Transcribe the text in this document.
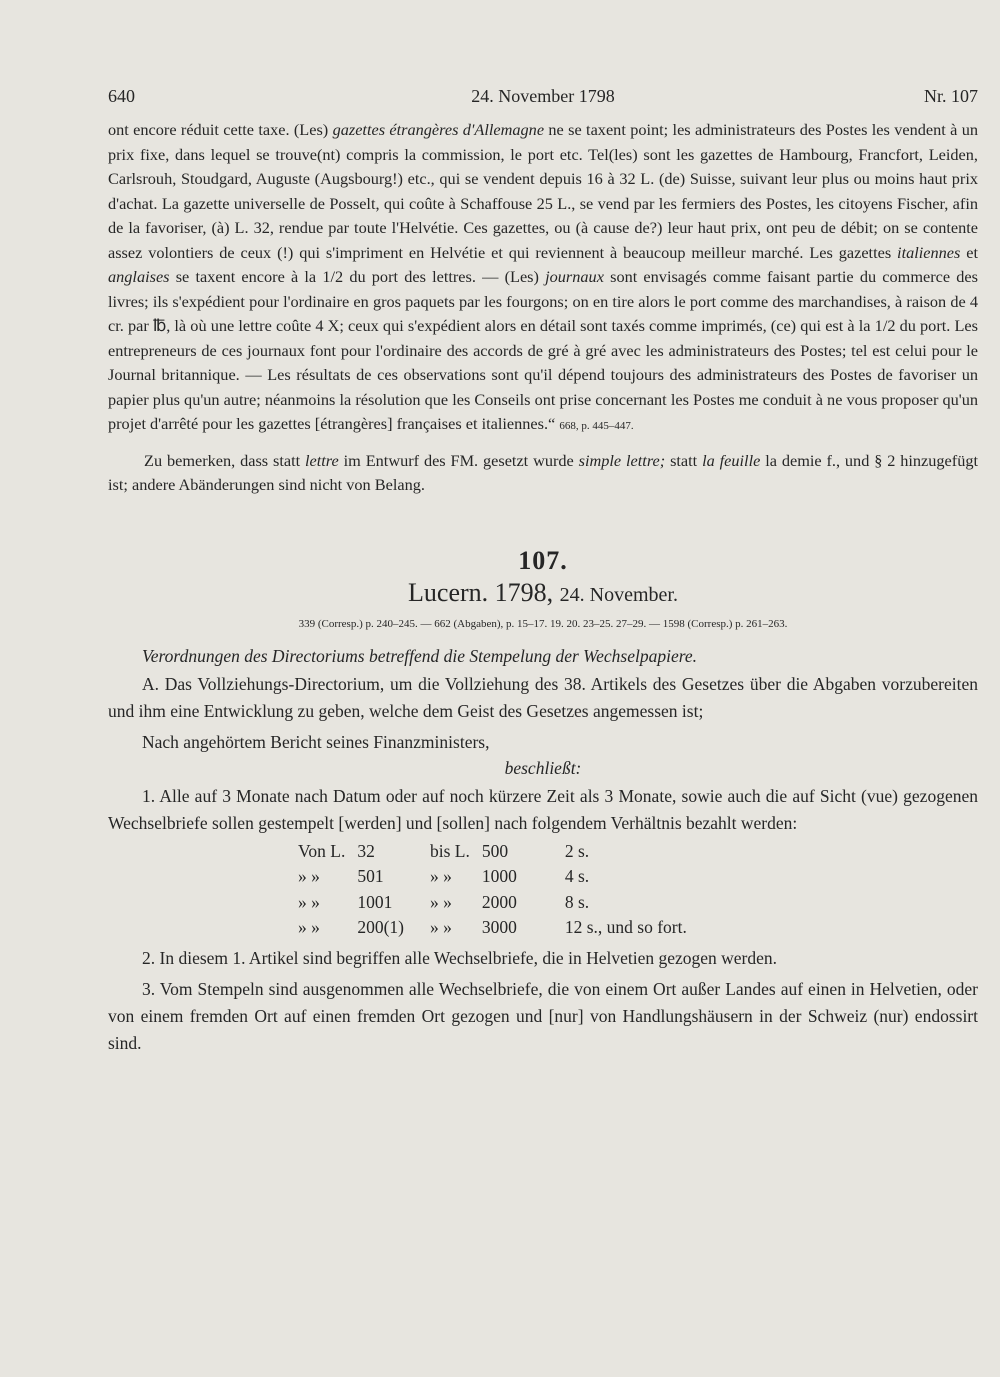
640	24. November 1798	Nr. 107

ont encore réduit cette taxe. (Les) gazettes étrangères d'Allemagne ne se taxent point; les administrateurs des Postes les vendent à un prix fixe, dans lequel se trouve(nt) compris la commission, le port etc. Tel(les) sont les gazettes de Hambourg, Francfort, Leiden, Carlsrouh, Stoudgard, Auguste (Augsbourg!) etc., qui se vendent depuis 16 à 32 L. (de) Suisse, suivant leur plus ou moins haut prix d'achat. La gazette universelle de Posselt, qui coûte à Schaffouse 25 L., se vend par les fermiers des Postes, les citoyens Fischer, afin de la favoriser, (à) L. 32, rendue par toute l'Helvétie. Ces gazettes, ou (à cause de?) leur haut prix, ont peu de débit; on se contente assez volontiers de ceux (!) qui s'impriment en Helvétie et qui reviennent à beaucoup meilleur marché. Les gazettes italiennes et anglaises se taxent encore à la 1/2 du port des lettres. — (Les) journaux sont envisagés comme faisant partie du commerce des livres; ils s'expédient pour l'ordinaire en gros paquets par les fourgons; on en tire alors le port comme des marchandises, à raison de 4 cr. par ℔, là où une lettre coûte 4 X; ceux qui s'expédient alors en détail sont taxés comme imprimés, (ce) qui est à la 1/2 du port. Les entrepreneurs de ces journaux font pour l'ordinaire des accords de gré à gré avec les administrateurs des Postes; tel est celui pour le Journal britannique. — Les résultats de ces observations sont qu'il dépend toujours des administrateurs des Postes de favoriser un papier plus qu'un autre; néanmoins la résolution que les Conseils ont prise concernant les Postes me conduit à ne vous proposer qu'un projet d'arrêté pour les gazettes [étrangères] françaises et italiennes.“ 668, p. 445–447.

Zu bemerken, dass statt lettre im Entwurf des FM. gesetzt wurde simple lettre; statt la feuille la demie f., und § 2 hinzugefügt ist; andere Abänderungen sind nicht von Belang.

107.
Lucern. 1798, 24. November.
339 (Corresp.) p. 240–245. — 662 (Abgaben), p. 15–17. 19. 20. 23–25. 27–29. — 1598 (Corresp.) p. 261–263.
Verordnungen des Directoriums betreffend die Stempelung der Wechselpapiere.

A. Das Vollziehungs-Directorium, um die Vollziehung des 38. Artikels des Gesetzes über die Abgaben vorzubereiten und ihm eine Entwicklung zu geben, welche dem Geist des Gesetzes angemessen ist;

Nach angehörtem Bericht seines Finanzministers,

beschließt:

1. Alle auf 3 Monate nach Datum oder auf noch kürzere Zeit als 3 Monate, sowie auch die auf Sicht (vue) gezogenen Wechselbriefe sollen gestempelt [werden] und [sollen] nach folgendem Verhältnis bezahlt werden:

Von L.	32	bis L.	500	2 s.
» »	501	» »	1000	4 s.
» »	1001	» »	2000	8 s.
» »	200(1)	» »	3000	12 s., und so fort.

2. In diesem 1. Artikel sind begriffen alle Wechselbriefe, die in Helvetien gezogen werden.

3. Vom Stempeln sind ausgenommen alle Wechselbriefe, die von einem Ort außer Landes auf einen in Helvetien, oder von einem fremden Ort auf einen fremden Ort gezogen und [nur] von Handlungshäusern in der Schweiz (nur) endossirt sind.
